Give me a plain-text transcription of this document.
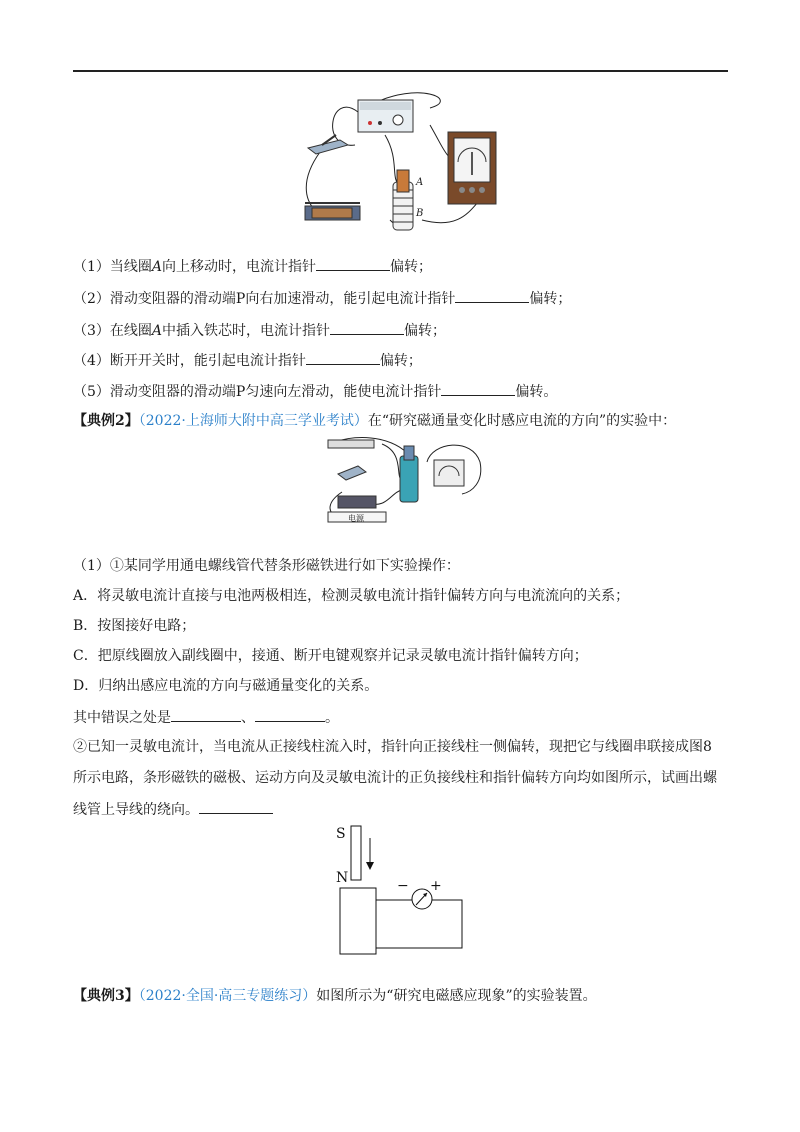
A
B
（1）当线圈A向上移动时，电流计指针	偏转；
（2）滑动变阻器的滑动端P向右加速滑动，能引起电流计指针	偏转；
（3）在线圈A中插入铁芯时，电流计指针	偏转；
（4）断开开关时，能引起电流计指针	偏转；
（5）滑动变阻器的滑动端P匀速向左滑动，能使电流计指针	偏转。
【典例2】（2022·上海师大附中高三学业考试）在“研究磁通量变化时感应电流的方向”的实验中：
电源
（1）①某同学用通电螺线管代替条形磁铁进行如下实验操作：
A．将灵敏电流计直接与电池两极相连，检测灵敏电流计指针偏转方向与电流流向的关系；
B．按图接好电路；
C．把原线圈放入副线圈中，接通、断开电键观察并记录灵敏电流计指针偏转方向；
D．归纳出感应电流的方向与磁通量变化的关系。
其中错误之处是	、	。
②已知一灵敏电流计，当电流从正接线柱流入时，指针向正接线柱一侧偏转，现把它与线圈串联接成图8
所示电路，条形磁铁的磁极、运动方向及灵敏电流计的正负接线柱和指针偏转方向均如图所示，试画出螺
线管上导线的绕向。
S
N	− +
【典例3】（2022·全国·高三专题练习）如图所示为“研究电磁感应现象”的实验装置。
